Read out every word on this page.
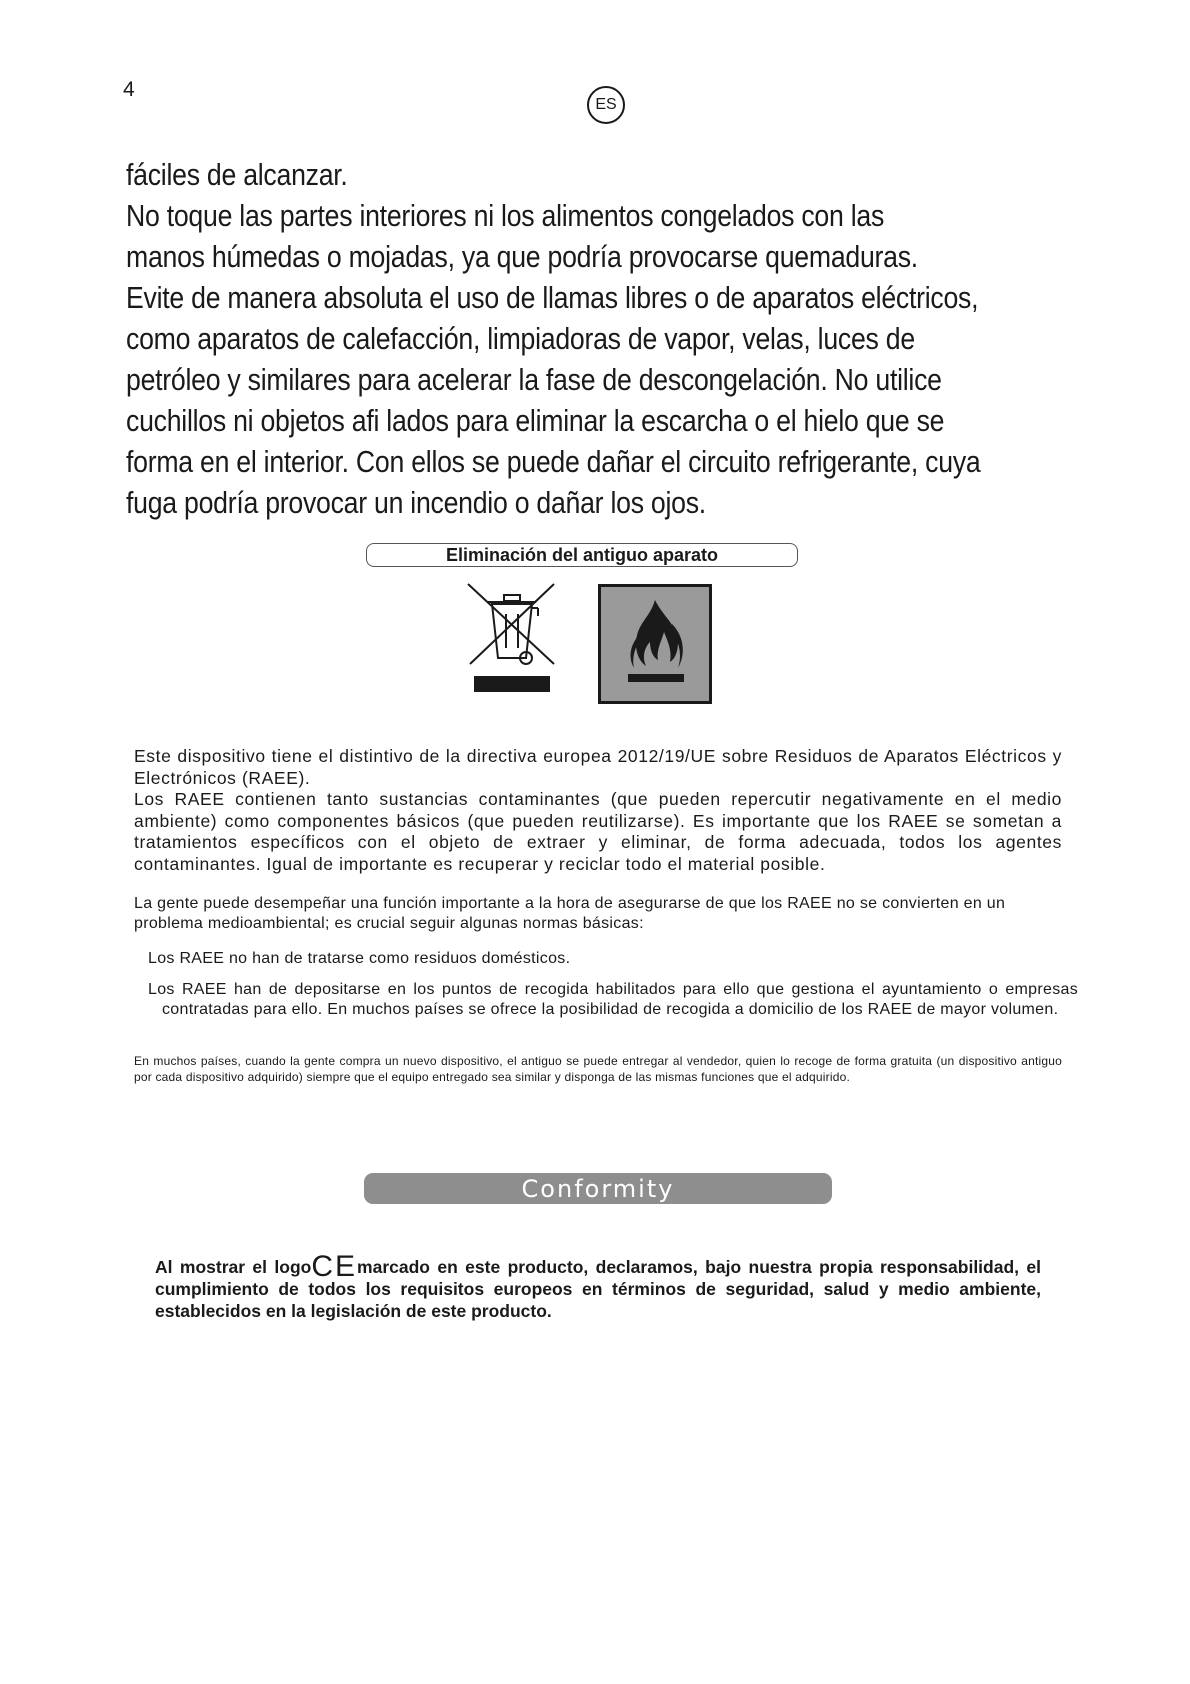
4
ES

fáciles de alcanzar.

No toque las partes interiores ni los alimentos congelados con las manos húmedas o mojadas, ya que podría provocarse quemaduras.

Evite de manera absoluta el uso de llamas libres o de aparatos eléctricos, como aparatos de calefacción, limpiadoras de vapor, velas, luces de petróleo y similares para acelerar la fase de descongelación. No utilice cuchillos ni objetos afi lados para eliminar la escarcha o el hielo que se forma en el interior. Con ellos se puede dañar el circuito refrigerante, cuya fuga podría provocar un incendio o dañar los ojos.

Eliminación del antiguo aparato

Este dispositivo tiene el distintivo de la directiva europea 2012/19/UE sobre Residuos de Aparatos Eléctricos y Electrónicos (RAEE).

Los RAEE contienen tanto sustancias contaminantes (que pueden repercutir negativamente en el medio ambiente) como componentes básicos (que pueden reutilizarse). Es importante que los RAEE se sometan a tratamientos específicos con el objeto de extraer y eliminar, de forma adecuada, todos los agentes contaminantes. Igual de importante es recuperar y reciclar todo el material posible.

La gente puede desempeñar una función importante a la hora de asegurarse de que los RAEE no se convierten en un problema medioambiental; es crucial seguir algunas normas básicas:

Los RAEE no han de tratarse como residuos domésticos.

Los RAEE han de depositarse en los puntos de recogida habilitados para ello que gestiona el ayuntamiento o empresas contratadas para ello. En muchos países se ofrece la posibilidad de recogida a domicilio de los RAEE de mayor volumen.

En muchos países, cuando la gente compra un nuevo dispositivo, el antiguo se puede entregar al vendedor, quien lo recoge de forma gratuita (un dispositivo antiguo por cada dispositivo adquirido) siempre que el equipo entregado sea similar y disponga de las mismas funciones que el adquirido.

Conformity

Al mostrar el logoCEmarcado en este producto, declaramos, bajo nuestra propia responsabilidad, el cumplimiento de todos los requisitos europeos en términos de seguridad, salud y medio ambiente, establecidos en la legislación de este producto.
